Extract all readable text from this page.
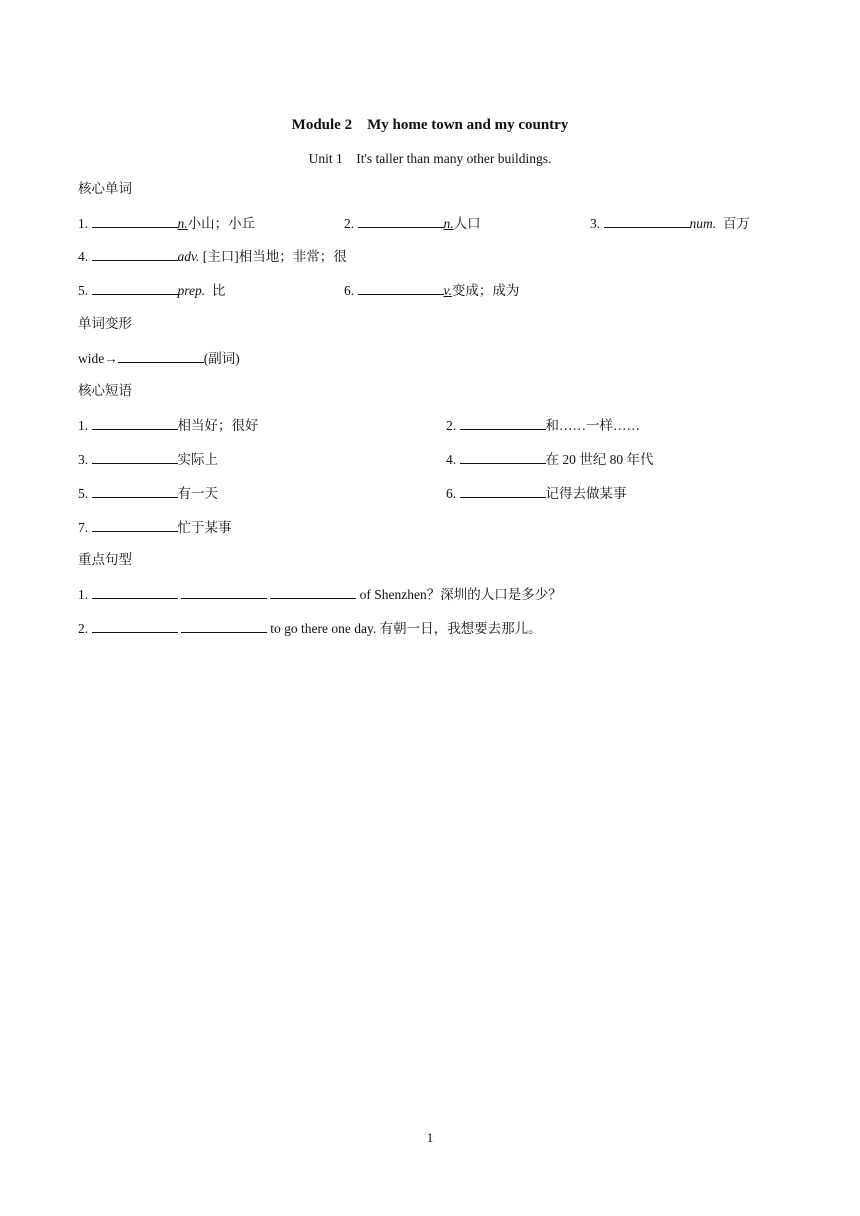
Module 2　My home town and my country
Unit 1　It's taller than many other buildings.
核心单词
1.	n.小山；小丘	2.	n.人口	3.	num. 百万
4.	adv. [主口]相当地；非常；很
5.	prep. 比	6.	v.变成；成为
单词变形
wide→	(副词)
核心短语
1.	相当好；很好	2.	和……一样……
3.	实际上	4.	在 20 世纪 80 年代
5.	有一天	6.	记得去做某事
7.	忙于某事
重点句型
1.	of Shenzhen？深圳的人口是多少？
2.	to go there one day. 有朝一日，我想要去那儿。
1
